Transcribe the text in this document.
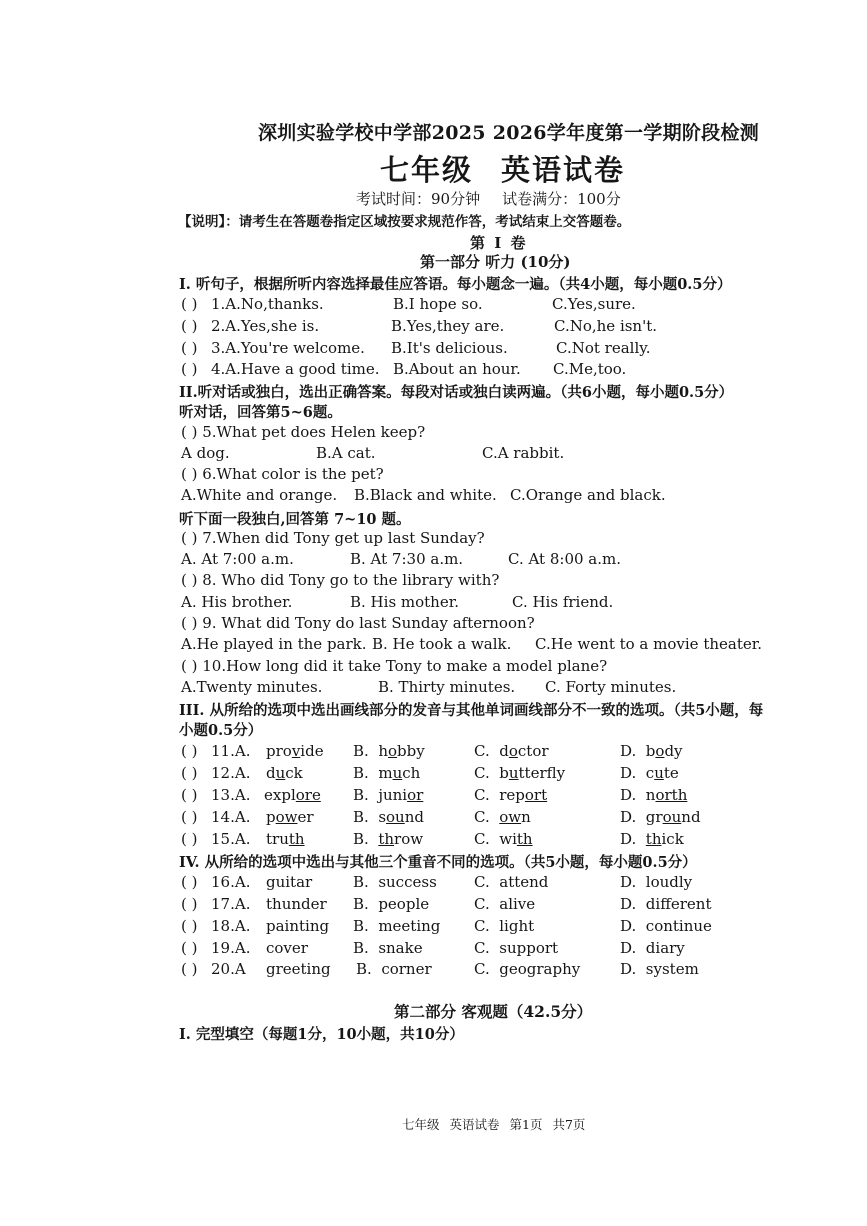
深圳实验学校中学部2025 2026学年度第一学期阶段检测
七年级 英语试卷
考试时间：90分钟 试卷满分：100分
【说明】：请考生在答题卷指定区域按要求规范作答，考试结束上交答题卷。
第 Ⅰ 卷
第一部分 听力 (10分)
I. 听句子，根据所听内容选择最佳应答语。每小题念一遍。（共4小题，每小题0.5分）
( ) 1.A.No,thanks.	B.I hope so.	C.Yes,sure.
( ) 2.A.Yes,she is.	B.Yes,they are.	C.No,he isn't.
( ) 3.A.You're welcome. B.It's delicious.	C.Not really.
( ) 4.A.Have a good time. B.About an hour. C.Me,too.
II.听对话或独白，选出正确答案。每段对话或独白读两遍。（共6小题，每小题0.5分）
听对话，回答第5~6题。
( ) 5.What pet does Helen keep?
A dog.	B.A cat.	C.A rabbit.
( ) 6.What color is the pet?
A.White and orange. B.Black and white. C.Orange and black.
听下面一段独白,回答第 7~10 题。
( ) 7.When did Tony get up last Sunday?
A. At 7:00 a.m.	B. At 7:30 a.m.	C. At 8:00 a.m.
( ) 8. Who did Tony go to the library with?
A. His brother.	B. His mother.	C. His friend.
( ) 9. What did Tony do last Sunday afternoon?
A.He played in the park. B. He took a walk. C.He went to a movie theater.
( ) 10.How long did it take Tony to make a model plane?
A.Twenty minutes.	B. Thirty minutes. C. Forty minutes.
III. 从所给的选项中选出画线部分的发音与其他单词画线部分不一致的选项。（共5小题，每
小题0.5分）
( ) 11.A. provide B.  hobby	C.  doctor	D.  body
( ) 12.A. duck	B.  much	C.  butterfly	D.  cute
( ) 13.A. explore B.  junior	C.  report	D.  north
( ) 14.A. power	B.  sound	C.  own	D.  ground
( ) 15.A. truth	B.  throw	C.  with	D.  thick
IV. 从所给的选项中选出与其他三个重音不同的选项。（共5小题，每小题0.5分）
( ) 16.A. guitar	B.  success C.  attend	D.  loudly
( ) 17.A. thunder B.  people	C.  alive	D.  different
( ) 18.A. painting B.  meeting C.  light	D.  continue
( ) 19.A. cover	B.  snake	C.  support	D.  diary
( ) 20.A greeting B.  corner	C.  geography	D.  system
第二部分 客观题（42.5分）
I. 完型填空（每题1分，10小题，共10分）
七年级 英语试卷 第1页 共7页
